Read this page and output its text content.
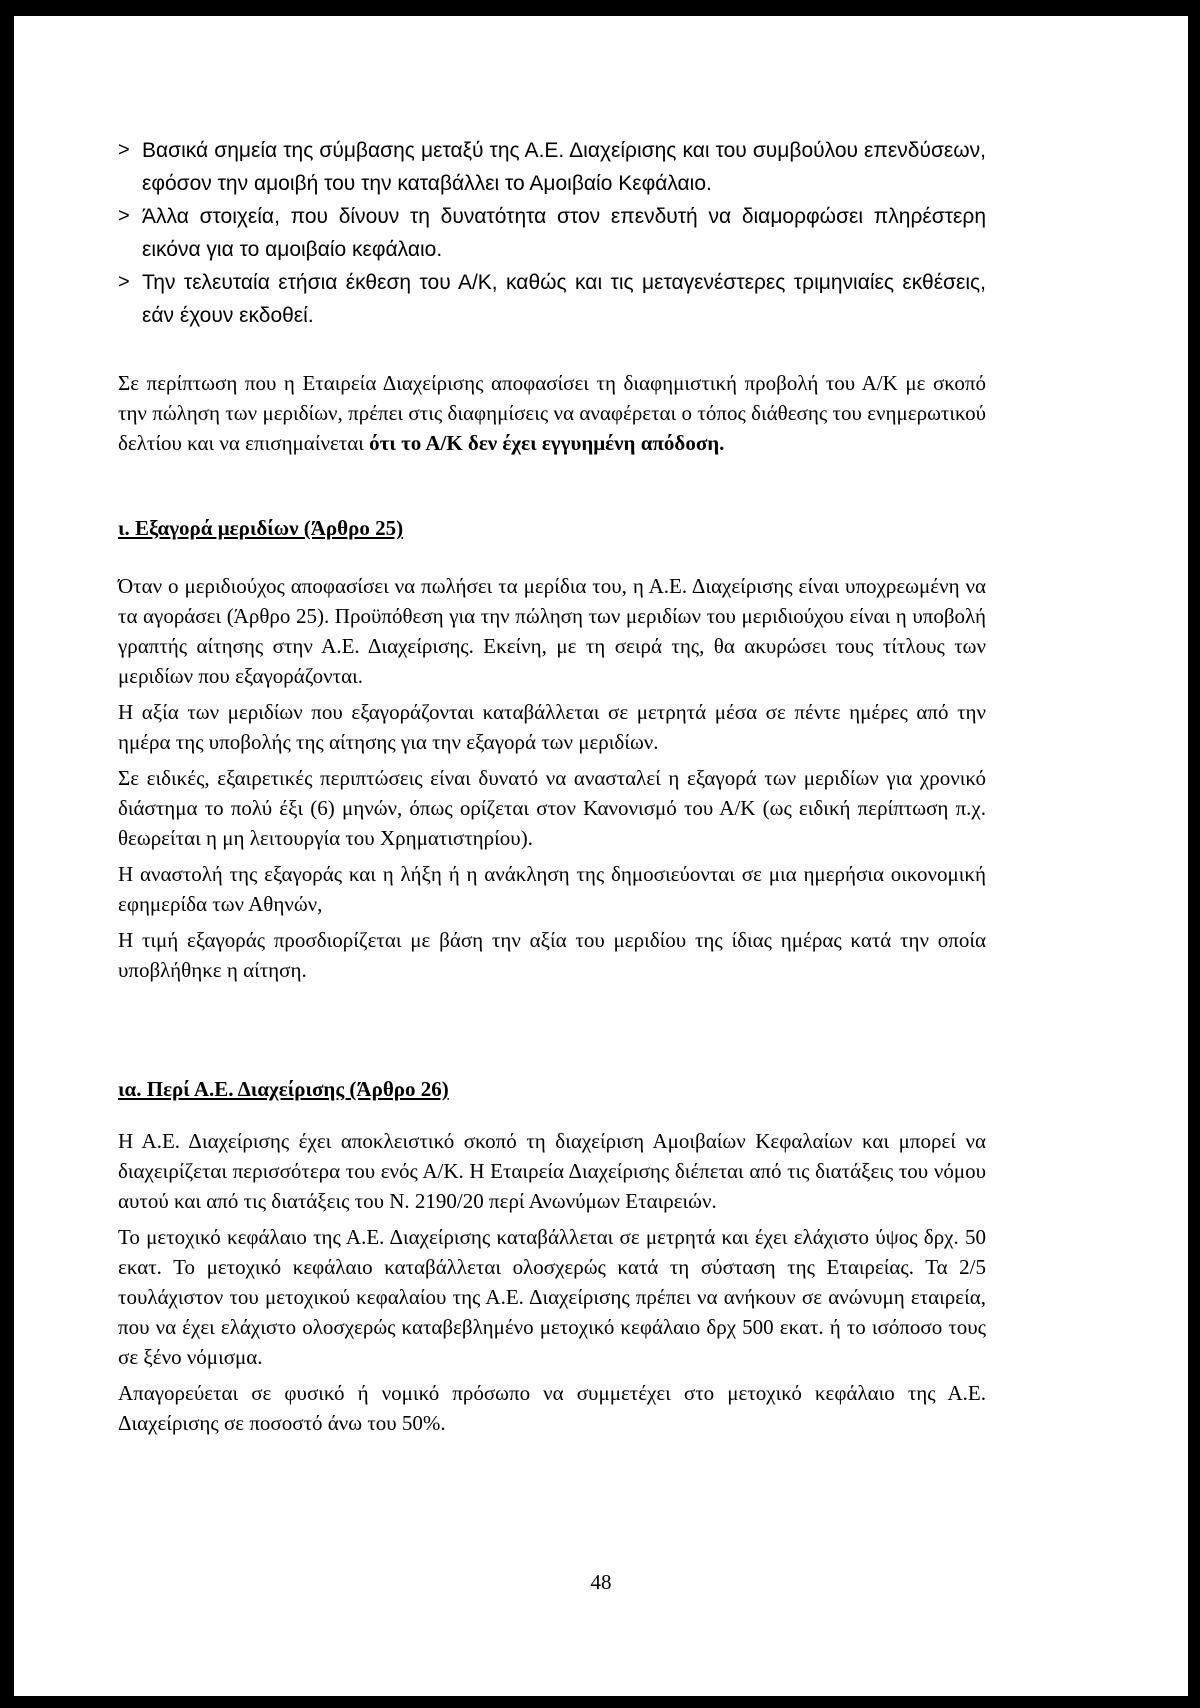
> Βασικά σημεία της σύμβασης μεταξύ της Α.Ε. Διαχείρισης και του συμβούλου επενδύσεων, εφόσον την αμοιβή του την καταβάλλει το Αμοιβαίο Κεφάλαιο.
> Άλλα στοιχεία, που δίνουν τη δυνατότητα στον επενδυτή να διαμορφώσει πληρέστερη εικόνα για το αμοιβαίο κεφάλαιο.
> Την τελευταία ετήσια έκθεση του Α/Κ, καθώς και τις μεταγενέστερες τριμηνιαίες εκθέσεις, εάν έχουν εκδοθεί.

Σε περίπτωση που η Εταιρεία Διαχείρισης αποφασίσει τη διαφημιστική προβολή του Α/Κ με σκοπό την πώληση των μεριδίων, πρέπει στις διαφημίσεις να αναφέρεται ο τόπος διάθεσης του ενημερωτικού δελτίου και να επισημαίνεται ότι το Α/Κ δεν έχει εγγυημένη απόδοση.

ι. Εξαγορά μεριδίων (Άρθρο 25)

Όταν ο μεριδιούχος αποφασίσει να πωλήσει τα μερίδια του, η Α.Ε. Διαχείρισης είναι υποχρεωμένη να τα αγοράσει (Άρθρο 25). Προϋπόθεση για την πώληση των μεριδίων του μεριδιούχου είναι η υποβολή γραπτής αίτησης στην Α.Ε. Διαχείρισης. Εκείνη, με τη σειρά της, θα ακυρώσει τους τίτλους των μεριδίων που εξαγοράζονται.

Η αξία των μεριδίων που εξαγοράζονται καταβάλλεται σε μετρητά μέσα σε πέντε ημέρες από την ημέρα της υποβολής της αίτησης για την εξαγορά των μεριδίων.

Σε ειδικές, εξαιρετικές περιπτώσεις είναι δυνατό να ανασταλεί η εξαγορά των μεριδίων για χρονικό διάστημα το πολύ έξι (6) μηνών, όπως ορίζεται στον Κανονισμό του Α/Κ (ως ειδική περίπτωση π.χ. θεωρείται η μη λειτουργία του Χρηματιστηρίου).

Η αναστολή της εξαγοράς και η λήξη ή η ανάκληση της δημοσιεύονται σε μια ημερήσια οικονομική εφημερίδα των Αθηνών,

Η τιμή εξαγοράς προσδιορίζεται με βάση την αξία του μεριδίου της ίδιας ημέρας κατά την οποία υποβλήθηκε η αίτηση.

ια. Περί Α.Ε. Διαχείρισης (Άρθρο 26)

Η Α.Ε. Διαχείρισης έχει αποκλειστικό σκοπό τη διαχείριση Αμοιβαίων Κεφαλαίων και μπορεί να διαχειρίζεται περισσότερα του ενός Α/Κ. Η Εταιρεία Διαχείρισης διέπεται από τις διατάξεις του νόμου αυτού και από τις διατάξεις του Ν. 2190/20 περί Ανωνύμων Εταιρειών.

Το μετοχικό κεφάλαιο της Α.Ε. Διαχείρισης καταβάλλεται σε μετρητά και έχει ελάχιστο ύψος δρχ. 50 εκατ. Το μετοχικό κεφάλαιο καταβάλλεται ολοσχερώς κατά τη σύσταση της Εταιρείας. Τα 2/5 τουλάχιστον του μετοχικού κεφαλαίου της Α.Ε. Διαχείρισης πρέπει να ανήκουν σε ανώνυμη εταιρεία, που να έχει ελάχιστο ολοσχερώς καταβεβλημένο μετοχικό κεφάλαιο δρχ 500 εκατ. ή το ισόποσο τους σε ξένο νόμισμα.

Απαγορεύεται σε φυσικό ή νομικό πρόσωπο να συμμετέχει στο μετοχικό κεφάλαιο της Α.Ε. Διαχείρισης σε ποσοστό άνω του 50%.

48
